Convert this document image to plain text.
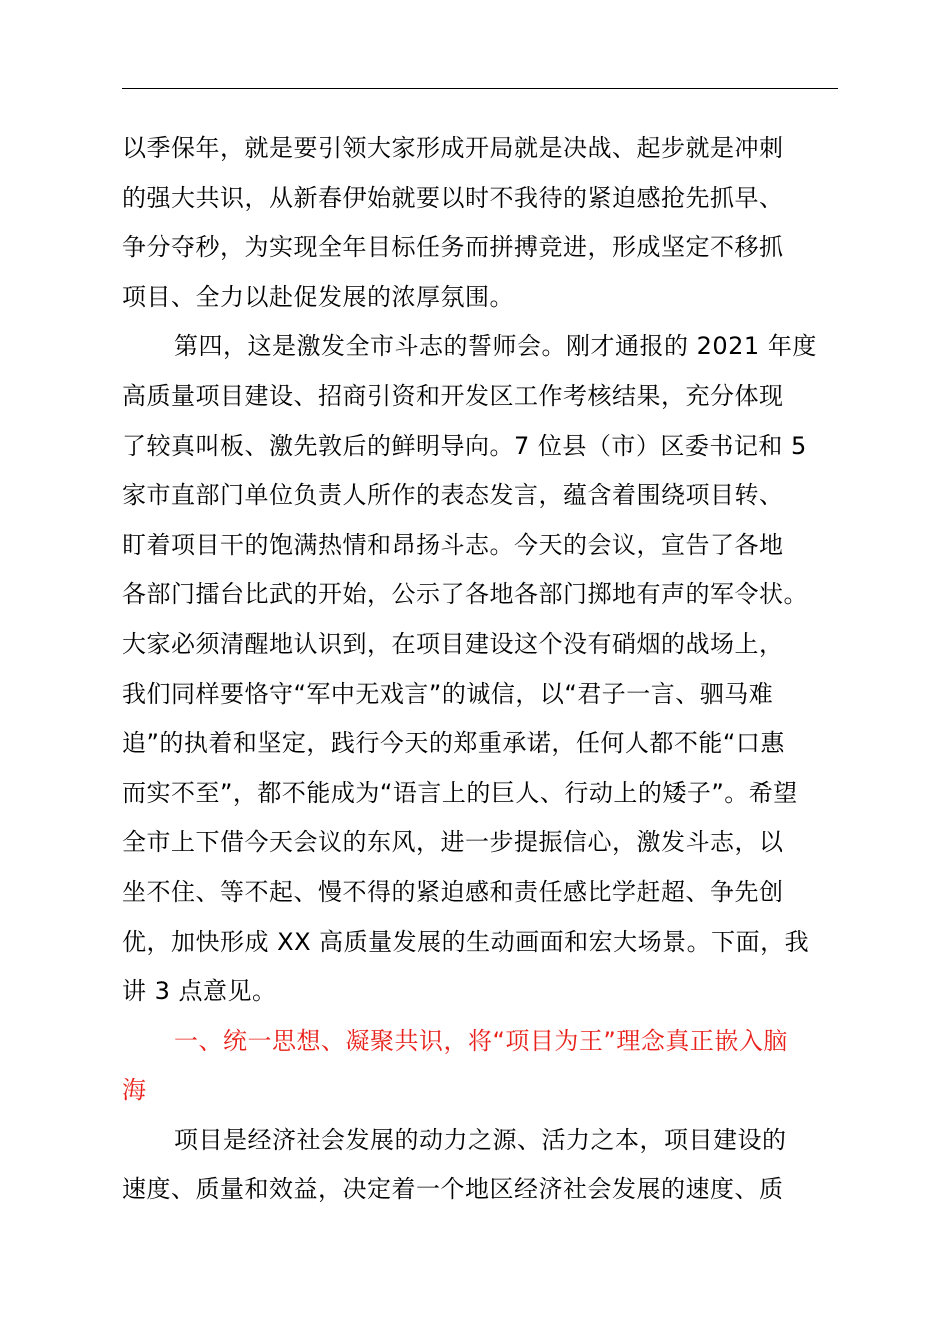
以季保年，就是要引领大家形成开局就是决战、起步就是冲刺
的强大共识，从新春伊始就要以时不我待的紧迫感抢先抓早、
争分夺秒，为实现全年目标任务而拼搏竞进，形成坚定不移抓
项目、全力以赴促发展的浓厚氛围。
第四，这是激发全市斗志的誓师会。刚才通报的 2021 年度
高质量项目建设、招商引资和开发区工作考核结果，充分体现
了较真叫板、激先敦后的鲜明导向。7 位县（市）区委书记和 5
家市直部门单位负责人所作的表态发言，蕴含着围绕项目转、
盯着项目干的饱满热情和昂扬斗志。今天的会议，宣告了各地
各部门擂台比武的开始，公示了各地各部门掷地有声的军令状。
大家必须清醒地认识到，在项目建设这个没有硝烟的战场上，
我们同样要恪守“军中无戏言”的诚信，以“君子一言、驷马难
追”的执着和坚定，践行今天的郑重承诺，任何人都不能“口惠
而实不至”，都不能成为“语言上的巨人、行动上的矮子”。希望
全市上下借今天会议的东风，进一步提振信心，激发斗志，以
坐不住、等不起、慢不得的紧迫感和责任感比学赶超、争先创
优，加快形成 XX 高质量发展的生动画面和宏大场景。下面，我
讲 3 点意见。
一、统一思想、凝聚共识，将“项目为王”理念真正嵌入脑
海
项目是经济社会发展的动力之源、活力之本，项目建设的
速度、质量和效益，决定着一个地区经济社会发展的速度、质
